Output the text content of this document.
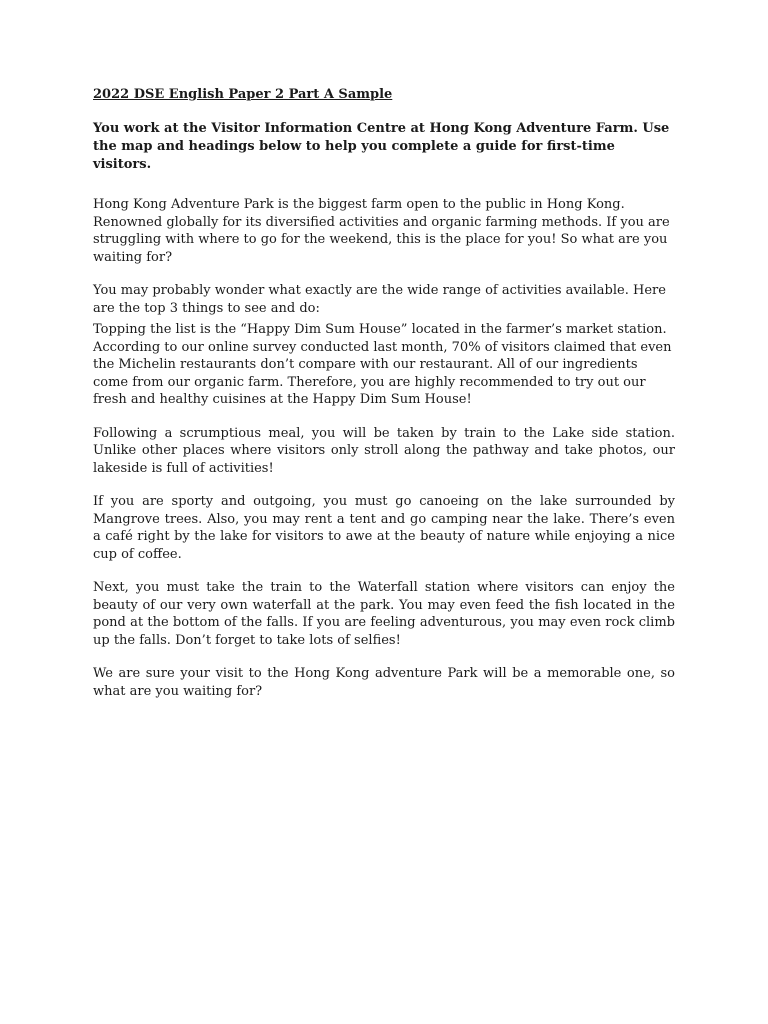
2022 DSE English Paper 2 Part A Sample
You work at the Visitor Information Centre at Hong Kong Adventure Farm. Use the map and headings below to help you complete a guide for first-time visitors.

Hong Kong Adventure Park is the biggest farm open to the public in Hong Kong. Renowned globally for its diversified activities and organic farming methods. If you are struggling with where to go for the weekend, this is the place for you! So what are you waiting for?

You may probably wonder what exactly are the wide range of activities available. Here are the top 3 things to see and do:

Topping the list is the “Happy Dim Sum House” located in the farmer’s market station. According to our online survey conducted last month, 70% of visitors claimed that even the Michelin restaurants don’t compare with our restaurant. All of our ingredients come from our organic farm. Therefore, you are highly recommended to try out our fresh and healthy cuisines at the Happy Dim Sum House!

Following a scrumptious meal, you will be taken by train to the Lake side station. Unlike other places where visitors only stroll along the pathway and take photos, our lakeside is full of activities!

If you are sporty and outgoing, you must go canoeing on the lake surrounded by Mangrove trees. Also, you may rent a tent and go camping near the lake. There’s even a café right by the lake for visitors to awe at the beauty of nature while enjoying a nice cup of coffee.

Next, you must take the train to the Waterfall station where visitors can enjoy the beauty of our very own waterfall at the park. You may even feed the fish located in the pond at the bottom of the falls. If you are feeling adventurous, you may even rock climb up the falls. Don’t forget to take lots of selfies!

We are sure your visit to the Hong Kong adventure Park will be a memorable one, so what are you waiting for?
